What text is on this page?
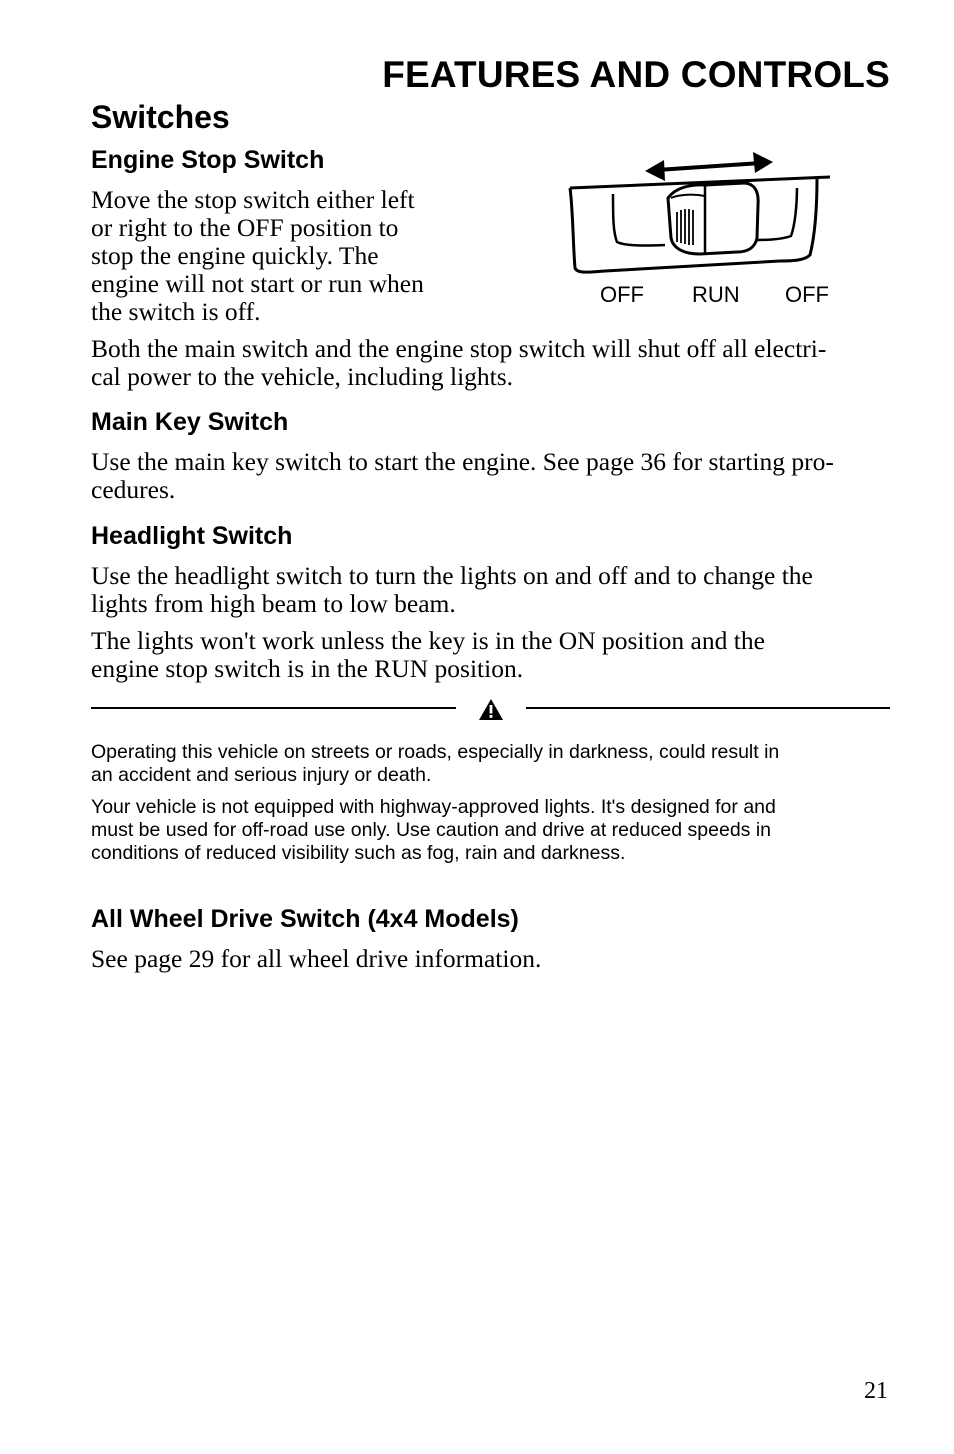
FEATURES AND CONTROLS
Switches
Engine Stop Switch
Move the stop switch either left
or right to the OFF position to
stop the engine quickly. The
engine will not start or run when
the switch is off.
OFF RUN OFF
Both the main switch and the engine stop switch will shut off all electri-
cal power to the vehicle, including lights.
Main Key Switch
Use the main key switch to start the engine. See page 36 for starting pro-
cedures.
Headlight Switch
Use the headlight switch to turn the lights on and off and to change the
lights from high beam to low beam.
The lights won't work unless the key is in the ON position and the
engine stop switch is in the RUN position.
Operating this vehicle on streets or roads, especially in darkness, could result in
an accident and serious injury or death.
Your vehicle is not equipped with highway-approved lights. It's designed for and
must be used for off-road use only. Use caution and drive at reduced speeds in
conditions of reduced visibility such as fog, rain and darkness.
All Wheel Drive Switch (4x4 Models)
See page 29 for all wheel drive information.
21
